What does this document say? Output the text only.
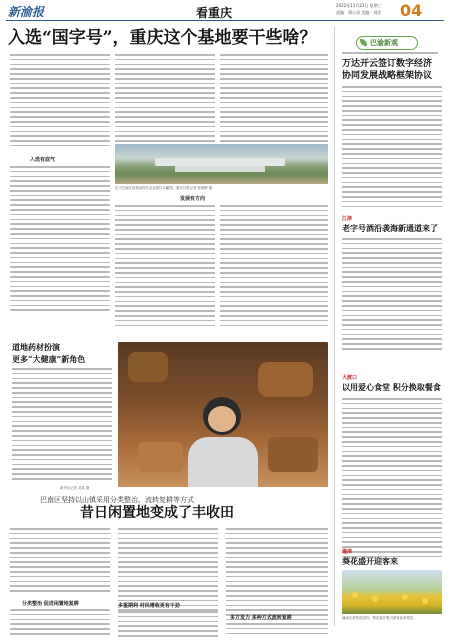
新渝报	看重庆
2022年11月23日 星期三
责编：谭小清 美编：刘洋 04
入选“国字号”，重庆这个基地要干些啥？
入选有底气
位于巴南区的某某现代农业园区鸟瞰图。重庆日报记者 张锦辉 摄
发展有方向
巴渝新观
万达开云签订数字经济
协同发展战略框架协议
江津
老字号酒沿袭海新通道来了
大渡口
以用爱心食堂 积分换取餐食
潼南
葵花盛开迎客来
潼南区某葵花园内，葵花盛开吸引游客前来观赏。
道地药材扮演
更多“大健康”新角色
新华社记者 刘某 摄
巴南区坚持以山镇采用分类整治、流转复耕等方式
昔日闲置地变成了丰收田
分类整治 促进闲置地复耕	多重期利 村民增收更有干劲
多方发力 多种方式流转复耕
